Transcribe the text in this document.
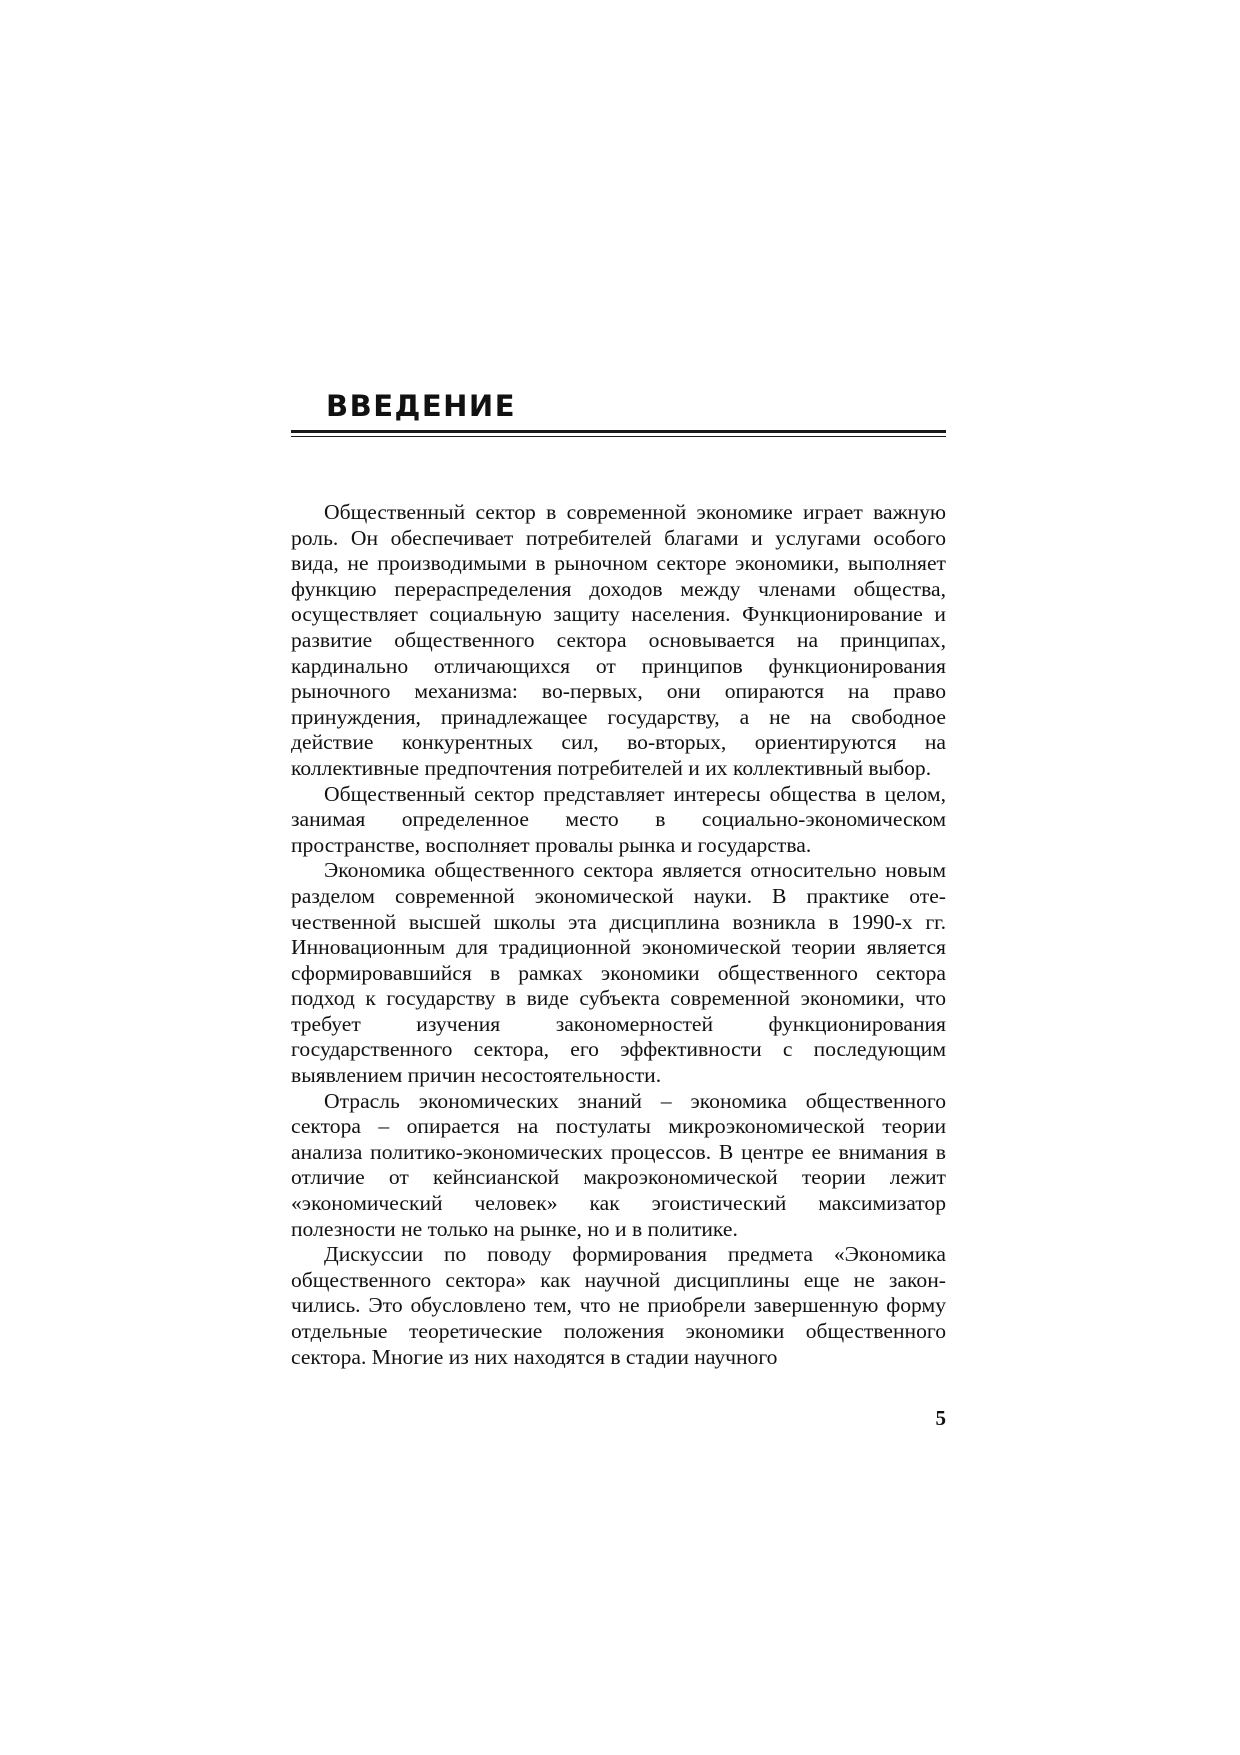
ВВЕДЕНИЕ

Общественный сектор в современной экономике играет важную роль. Он обеспечивает потребителей благами и услугами особого вида, не производимыми в рыночном секторе экономики, выполняет функцию перераспределения доходов между членами общества, осуществляет социальную защиту населения. Функционирование и развитие общественного сектора основывается на принципах, кардинально отличающихся от принципов функционирования рыночного механизма: во-первых, они опираются на право принуждения, принадлежащее государству, а не на свободное действие конкурентных сил, во-вторых, ориентируются на коллективные предпочтения потребителей и их коллективный выбор.

Общественный сектор представляет интересы общества в целом, занимая определенное место в социально-экономическом пространстве, восполняет провалы рынка и государства.

Экономика общественного сектора является относительно новым разделом современной экономической науки. В практике отечественной высшей школы эта дисциплина возникла в 1990-х гг. Инновационным для традиционной экономической теории является сформировавшийся в рамках экономики общественного сектора подход к государству в виде субъекта современной экономики, что требует изучения закономерностей функционирования государственного сектора, его эффективности с последующим выявлением причин несостоятельности.

Отрасль экономических знаний – экономика общественного сектора – опирается на постулаты микроэкономической теории анализа политико-экономических процессов. В центре ее внимания в отличие от кейнсианской макроэкономической теории лежит «экономический человек» как эгоистический максимизатор полезности не только на рынке, но и в политике.

Дискуссии по поводу формирования предмета «Экономика общественного сектора» как научной дисциплины еще не закончились. Это обусловлено тем, что не приобрели завершенную форму отдельные теоретические положения экономики общественного сектора. Многие из них находятся в стадии научного

5
